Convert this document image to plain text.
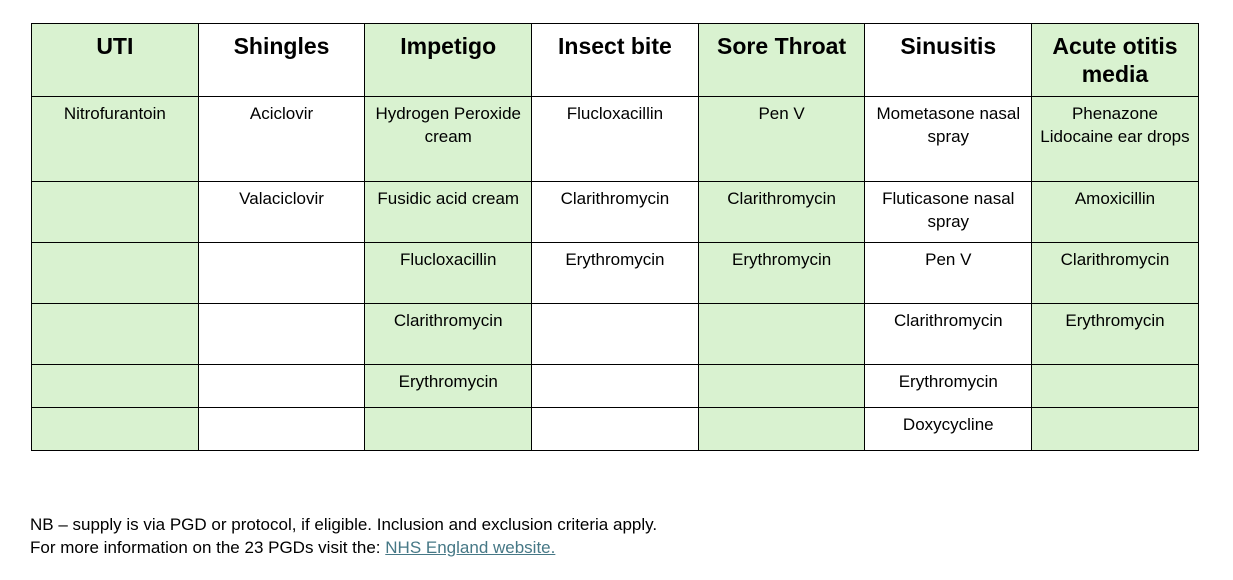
UTI	Shingles	Impetigo	Insect bite	Sore Throat	Sinusitis	Acute otitis media
Nitrofurantoin	Aciclovir	Hydrogen Peroxide cream	Flucloxacillin	Pen V	Mometasone nasal spray	Phenazone Lidocaine ear drops
	Valaciclovir	Fusidic acid cream	Clarithromycin	Clarithromycin	Fluticasone nasal spray	Amoxicillin
		Flucloxacillin	Erythromycin	Erythromycin	Pen V	Clarithromycin
		Clarithromycin			Clarithromycin	Erythromycin
		Erythromycin			Erythromycin	
					Doxycycline	
NB – supply is via PGD or protocol, if eligible. Inclusion and exclusion criteria apply.
For more information on the 23 PGDs visit the: NHS England website.
